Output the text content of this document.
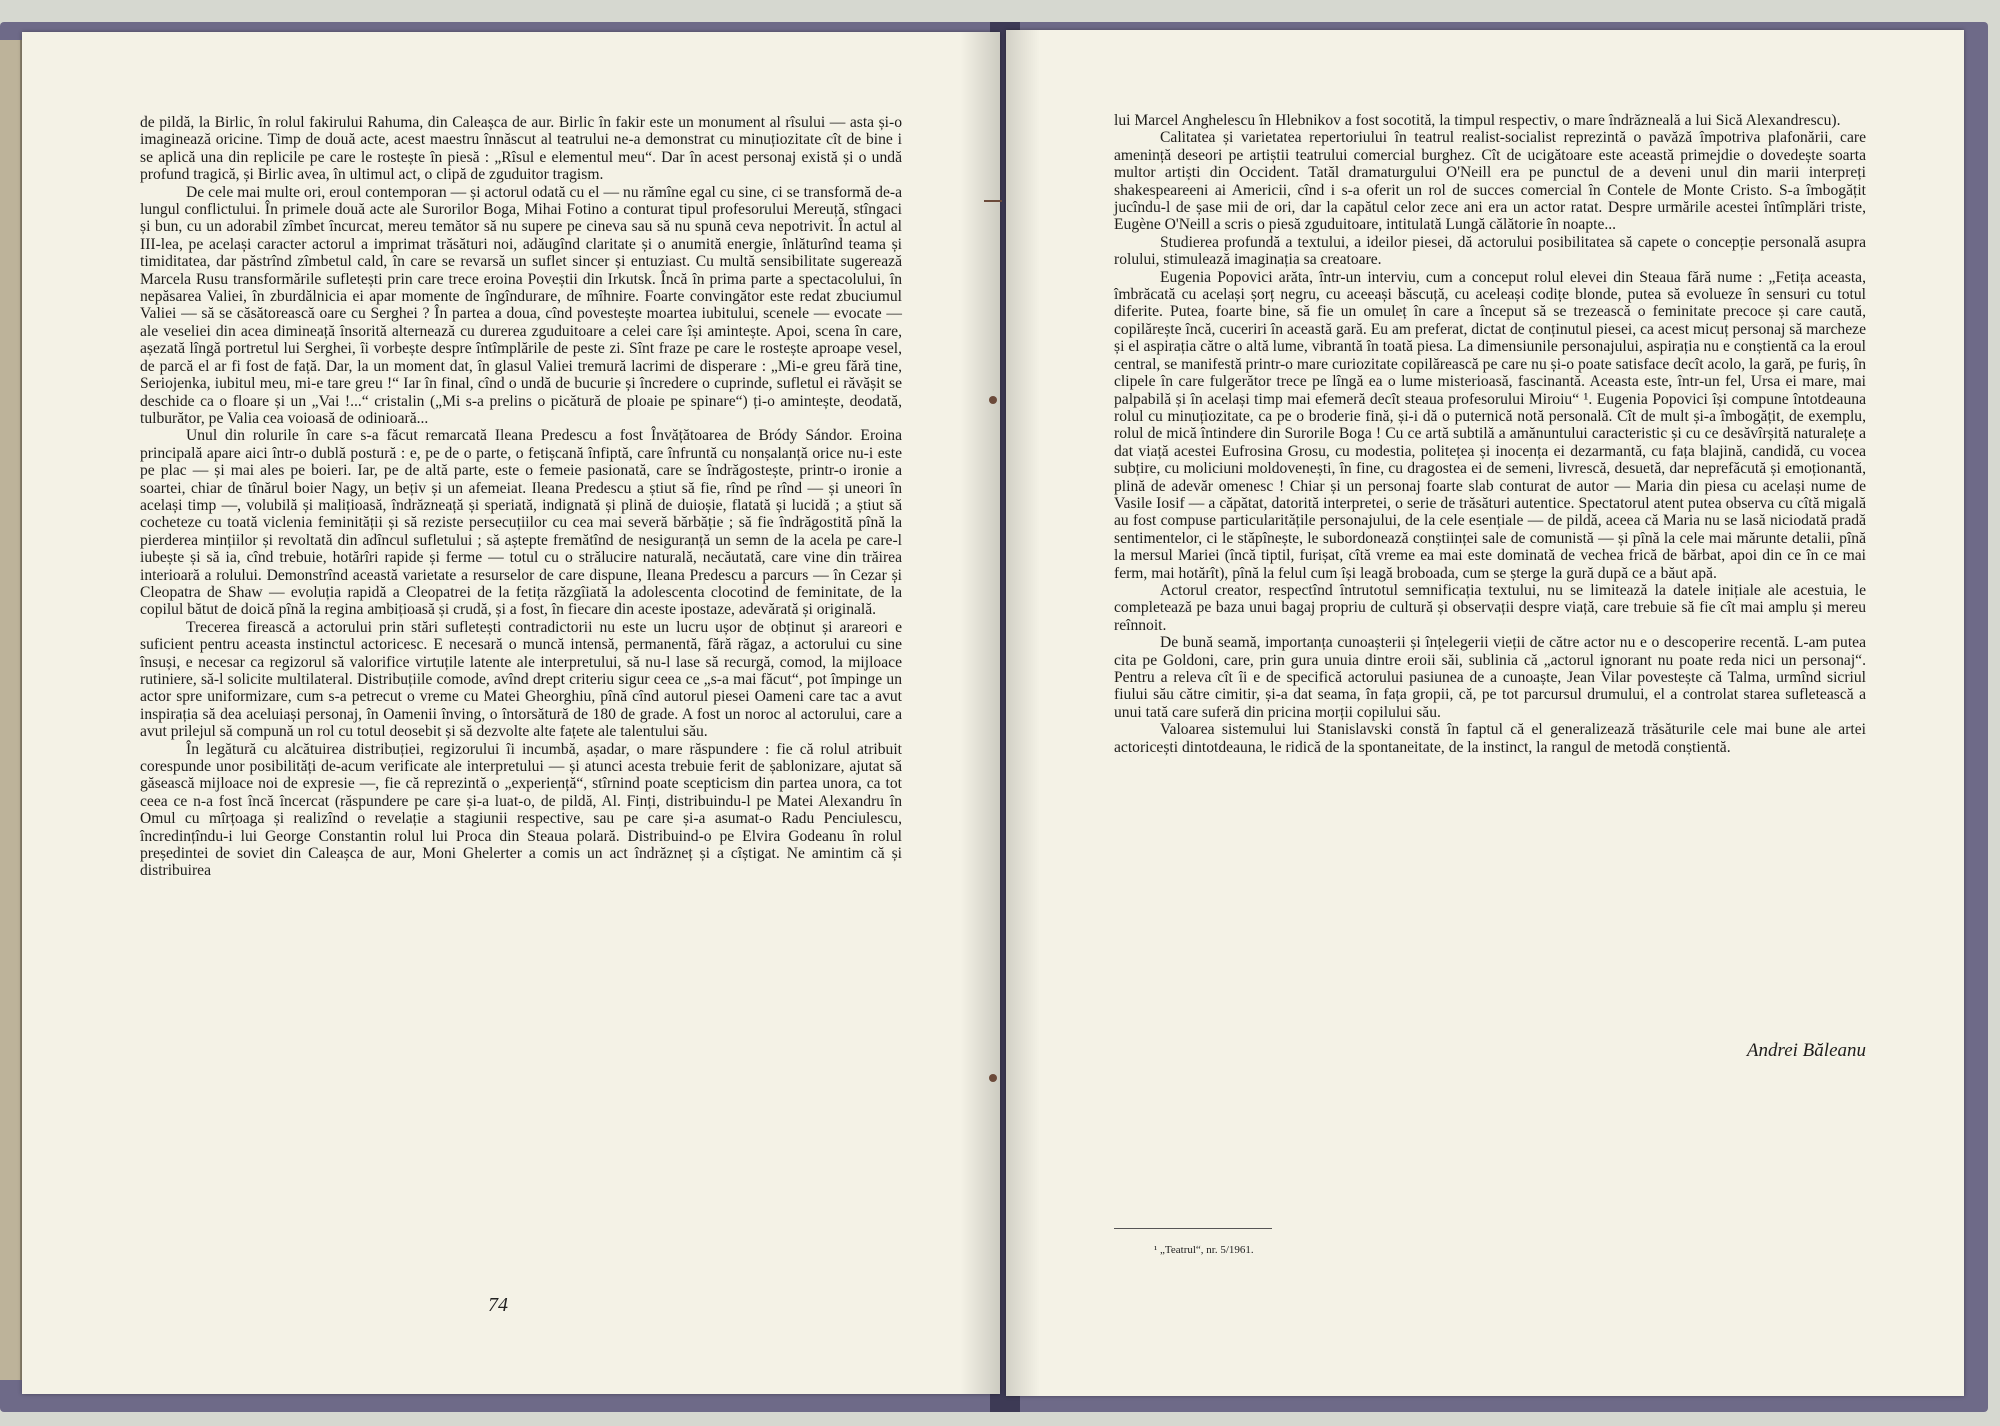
de pildă, la Birlic, în rolul fakirului Rahuma, din Caleașca de aur. Birlic în fakir este un monument al rîsului — asta și-o imaginează oricine. Timp de două acte, acest maestru înnăscut al teatrului ne-a demonstrat cu minuțiozitate cît de bine i se aplică una din replicile pe care le rostește în piesă : „Rîsul e elementul meu“. Dar în acest personaj există și o undă profund tragică, și Birlic avea, în ultimul act, o clipă de zguduitor tragism.

De cele mai multe ori, eroul contemporan — și actorul odată cu el — nu rămîne egal cu sine, ci se transformă de-a lungul conflictului. În primele două acte ale Surorilor Boga, Mihai Fotino a conturat tipul profesorului Mereuță, stîngaci și bun, cu un adorabil zîmbet încurcat, mereu temător să nu supere pe cineva sau să nu spună ceva nepotrivit. În actul al III-lea, pe același caracter actorul a imprimat trăsături noi, adăugînd claritate și o anumită energie, înlăturînd teama și timiditatea, dar păstrînd zîmbetul cald, în care se revarsă un suflet sincer și entuziast. Cu multă sensibilitate sugerează Marcela Rusu transformările sufletești prin care trece eroina Poveștii din Irkutsk. Încă în prima parte a spectacolului, în nepăsarea Valiei, în zburdălnicia ei apar momente de îngîndurare, de mîhnire. Foarte convingător este redat zbuciumul Valiei — să se căsătorească oare cu Serghei ? În partea a doua, cînd povestește moartea iubitului, scenele — evocate — ale veseliei din acea dimineață însorită alternează cu durerea zguduitoare a celei care își amintește. Apoi, scena în care, așezată lîngă portretul lui Serghei, îi vorbește despre întîmplările de peste zi. Sînt fraze pe care le rostește aproape vesel, de parcă el ar fi fost de față. Dar, la un moment dat, în glasul Valiei tremură lacrimi de disperare : „Mi-e greu fără tine, Seriojenka, iubitul meu, mi-e tare greu !“ Iar în final, cînd o undă de bucurie și încredere o cuprinde, sufletul ei răvășit se deschide ca o floare și un „Vai !...“ cristalin („Mi s-a prelins o picătură de ploaie pe spinare“) ți-o amintește, deodată, tulburător, pe Valia cea voioasă de odinioară...

Unul din rolurile în care s-a făcut remarcată Ileana Predescu a fost Învățătoarea de Bródy Sándor. Eroina principală apare aici într-o dublă postură : e, pe de o parte, o fetișcană înfiptă, care înfruntă cu nonșalanță orice nu-i este pe plac — și mai ales pe boieri. Iar, pe de altă parte, este o femeie pasionată, care se îndrăgostește, printr-o ironie a soartei, chiar de tînărul boier Nagy, un bețiv și un afemeiat. Ileana Predescu a știut să fie, rînd pe rînd — și uneori în același timp —, volubilă și malițioasă, îndrăzneață și speriată, indignată și plină de duioșie, flatată și lucidă ; a știut să cocheteze cu toată viclenia feminității și să reziste persecuțiilor cu cea mai severă bărbăție ; să fie îndrăgostită pînă la pierderea mințiilor și revoltată din adîncul sufletului ; să aștepte fremătînd de nesiguranță un semn de la acela pe care-l iubește și să ia, cînd trebuie, hotărîri rapide și ferme — totul cu o strălucire naturală, necăutată, care vine din trăirea interioară a rolului. Demonstrînd această varietate a resurselor de care dispune, Ileana Predescu a parcurs — în Cezar și Cleopatra de Shaw — evoluția rapidă a Cleopatrei de la fetița răzgîiată la adolescenta clocotind de feminitate, de la copilul bătut de doică pînă la regina ambițioasă și crudă, și a fost, în fiecare din aceste ipostaze, adevărată și originală.

Trecerea firească a actorului prin stări sufletești contradictorii nu este un lucru ușor de obținut și arareori e suficient pentru aceasta instinctul actoricesc. E necesară o muncă intensă, permanentă, fără răgaz, a actorului cu sine însuși, e necesar ca regizorul să valorifice virtuțile latente ale interpretului, să nu-l lase să recurgă, comod, la mijloace rutiniere, să-l solicite multilateral. Distribuțiile comode, avînd drept criteriu sigur ceea ce „s-a mai făcut“, pot împinge un actor spre uniformizare, cum s-a petrecut o vreme cu Matei Gheorghiu, pînă cînd autorul piesei Oameni care tac a avut inspirația să dea aceluiași personaj, în Oamenii înving, o întorsătură de 180 de grade. A fost un noroc al actorului, care a avut prilejul să compună un rol cu totul deosebit și să dezvolte alte fațete ale talentului său.

În legătură cu alcătuirea distribuției, regizorului îi incumbă, așadar, o mare răspundere : fie că rolul atribuit corespunde unor posibilități de-acum verificate ale interpretului — și atunci acesta trebuie ferit de șablonizare, ajutat să găsească mijloace noi de expresie —, fie că reprezintă o „experiență“, stîrnind poate scepticism din partea unora, ca tot ceea ce n-a fost încă încercat (răspundere pe care și-a luat-o, de pildă, Al. Finți, distribuindu-l pe Matei Alexandru în Omul cu mîrțoaga și realizînd o revelație a stagiunii respective, sau pe care și-a asumat-o Radu Penciulescu, încredințîndu-i lui George Constantin rolul lui Proca din Steaua polară. Distribuind-o pe Elvira Godeanu în rolul președintei de soviet din Caleașca de aur, Moni Ghelerter a comis un act îndrăzneț și a cîștigat. Ne amintim că și distribuirea

74

lui Marcel Anghelescu în Hlebnikov a fost socotită, la timpul respectiv, o mare îndrăzneală a lui Sică Alexandrescu).

Calitatea și varietatea repertoriului în teatrul realist-socialist reprezintă o pavăză împotriva plafonării, care amenință deseori pe artiștii teatrului comercial burghez. Cît de ucigătoare este această primejdie o dovedește soarta multor artiști din Occident. Tatăl dramaturgului O'Neill era pe punctul de a deveni unul din marii interpreți shakespeareeni ai Americii, cînd i s-a oferit un rol de succes comercial în Contele de Monte Cristo. S-a îmbogățit jucîndu-l de șase mii de ori, dar la capătul celor zece ani era un actor ratat. Despre urmările acestei întîmplări triste, Eugène O'Neill a scris o piesă zguduitoare, intitulată Lungă călătorie în noapte...

Studierea profundă a textului, a ideilor piesei, dă actorului posibilitatea să capete o concepție personală asupra rolului, stimulează imaginația sa creatoare.

Eugenia Popovici arăta, într-un interviu, cum a conceput rolul elevei din Steaua fără nume : „Fetița aceasta, îmbrăcată cu același șorț negru, cu aceeași băscuță, cu aceleași codițe blonde, putea să evolueze în sensuri cu totul diferite. Putea, foarte bine, să fie un omuleț în care a început să se trezească o feminitate precoce și care caută, copilărește încă, cuceriri în această gară. Eu am preferat, dictat de conținutul piesei, ca acest micuț personaj să marcheze și el aspirația către o altă lume, vibrantă în toată piesa. La dimensiunile personajului, aspirația nu e conștientă ca la eroul central, se manifestă printr-o mare curiozitate copilărească pe care nu și-o poate satisface decît acolo, la gară, pe furiș, în clipele în care fulgerător trece pe lîngă ea o lume misterioasă, fascinantă. Aceasta este, într-un fel, Ursa ei mare, mai palpabilă și în același timp mai efemeră decît steaua profesorului Miroiu“ ¹. Eugenia Popovici își compune întotdeauna rolul cu minuțiozitate, ca pe o broderie fină, și-i dă o puternică notă personală. Cît de mult și-a îmbogățit, de exemplu, rolul de mică întindere din Surorile Boga ! Cu ce artă subtilă a amănuntului caracteristic și cu ce desăvîrșită naturalețe a dat viață acestei Eufrosina Grosu, cu modestia, politețea și inocența ei dezarmantă, cu fața blajină, candidă, cu vocea subțire, cu moliciuni moldovenești, în fine, cu dragostea ei de semeni, livrescă, desuetă, dar neprefăcută și emoționantă, plină de adevăr omenesc ! Chiar și un personaj foarte slab conturat de autor — Maria din piesa cu același nume de Vasile Iosif — a căpătat, datorită interpretei, o serie de trăsături autentice. Spectatorul atent putea observa cu cîtă migală au fost compuse particularitățile personajului, de la cele esențiale — de pildă, aceea că Maria nu se lasă niciodată pradă sentimentelor, ci le stăpînește, le subordonează conștiinței sale de comunistă — și pînă la cele mai mărunte detalii, pînă la mersul Mariei (încă tiptil, furișat, cîtă vreme ea mai este dominată de vechea frică de bărbat, apoi din ce în ce mai ferm, mai hotărît), pînă la felul cum își leagă broboada, cum se șterge la gură după ce a băut apă.

Actorul creator, respectînd întrutotul semnificația textului, nu se limitează la datele inițiale ale acestuia, le completează pe baza unui bagaj propriu de cultură și observații despre viață, care trebuie să fie cît mai amplu și mereu reînnoit.

De bună seamă, importanța cunoașterii și înțelegerii vieții de către actor nu e o descoperire recentă. L-am putea cita pe Goldoni, care, prin gura unuia dintre eroii săi, sublinia că „actorul ignorant nu poate reda nici un personaj“. Pentru a releva cît îi e de specifică actorului pasiunea de a cunoaște, Jean Vilar povestește că Talma, urmînd sicriul fiului său către cimitir, și-a dat seama, în fața gropii, că, pe tot parcursul drumului, el a controlat starea sufletească a unui tată care suferă din pricina morții copilului său.

Valoarea sistemului lui Stanislavski constă în faptul că el generalizează trăsăturile cele mai bune ale artei actoricești dintotdeauna, le ridică de la spontaneitate, de la instinct, la rangul de metodă conștientă.

Andrei Băleanu
¹ „Teatrul“, nr. 5/1961.
